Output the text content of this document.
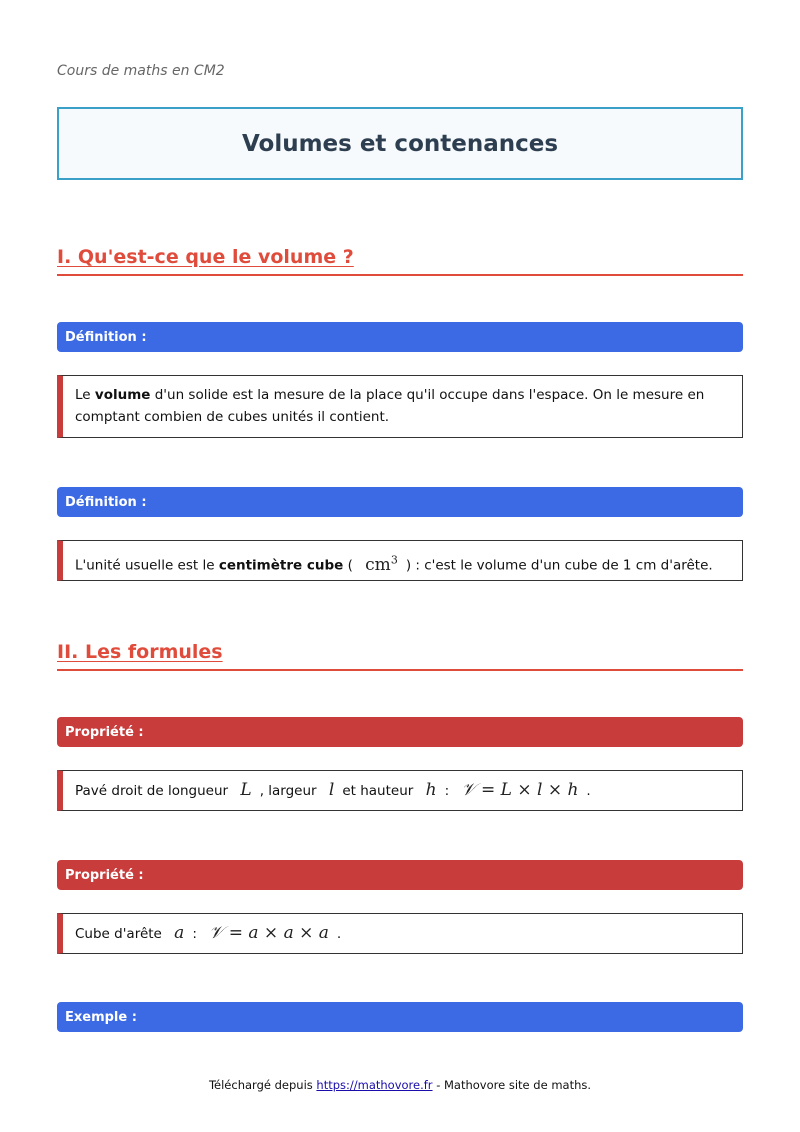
Cours de maths en CM2
Volumes et contenances
I. Qu'est-ce que le volume ?
Définition :
Le volume d'un solide est la mesure de la place qu'il occupe dans l'espace. On le mesure en comptant combien de cubes unités il contient.
Définition :
L'unité usuelle est le centimètre cube ( $cm^3$ ) : c'est le volume d'un cube de 1 cm d'arête.
II. Les formules
Propriété :
Pavé droit de longueur L , largeur l et hauteur h : 𝒱 = L × l × h .
Propriété :
Cube d'arête a : 𝒱 = a × a × a .
Exemple :
Téléchargé depuis https://mathovore.fr - Mathovore site de maths.
